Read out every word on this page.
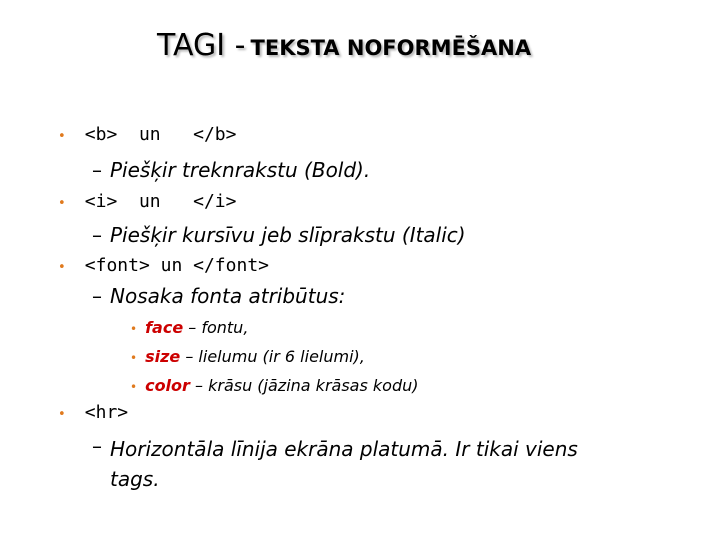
TAGI - TEKSTA NOFORMĒŠANA
• <b>  un   </b>
– Piešķir treknrakstu (Bold).
• <i>  un   </i>
– Piešķir kursīvu jeb slīprakstu (Italic)
• <font> un </font>
– Nosaka fonta atribūtus:
• face – fontu,
• size – lielumu (ir 6 lielumi),
• color – krāsu (jāzina krāsas kodu)
• <hr>
– Horizontāla līnija ekrāna platumā. Ir tikai viens tags.
